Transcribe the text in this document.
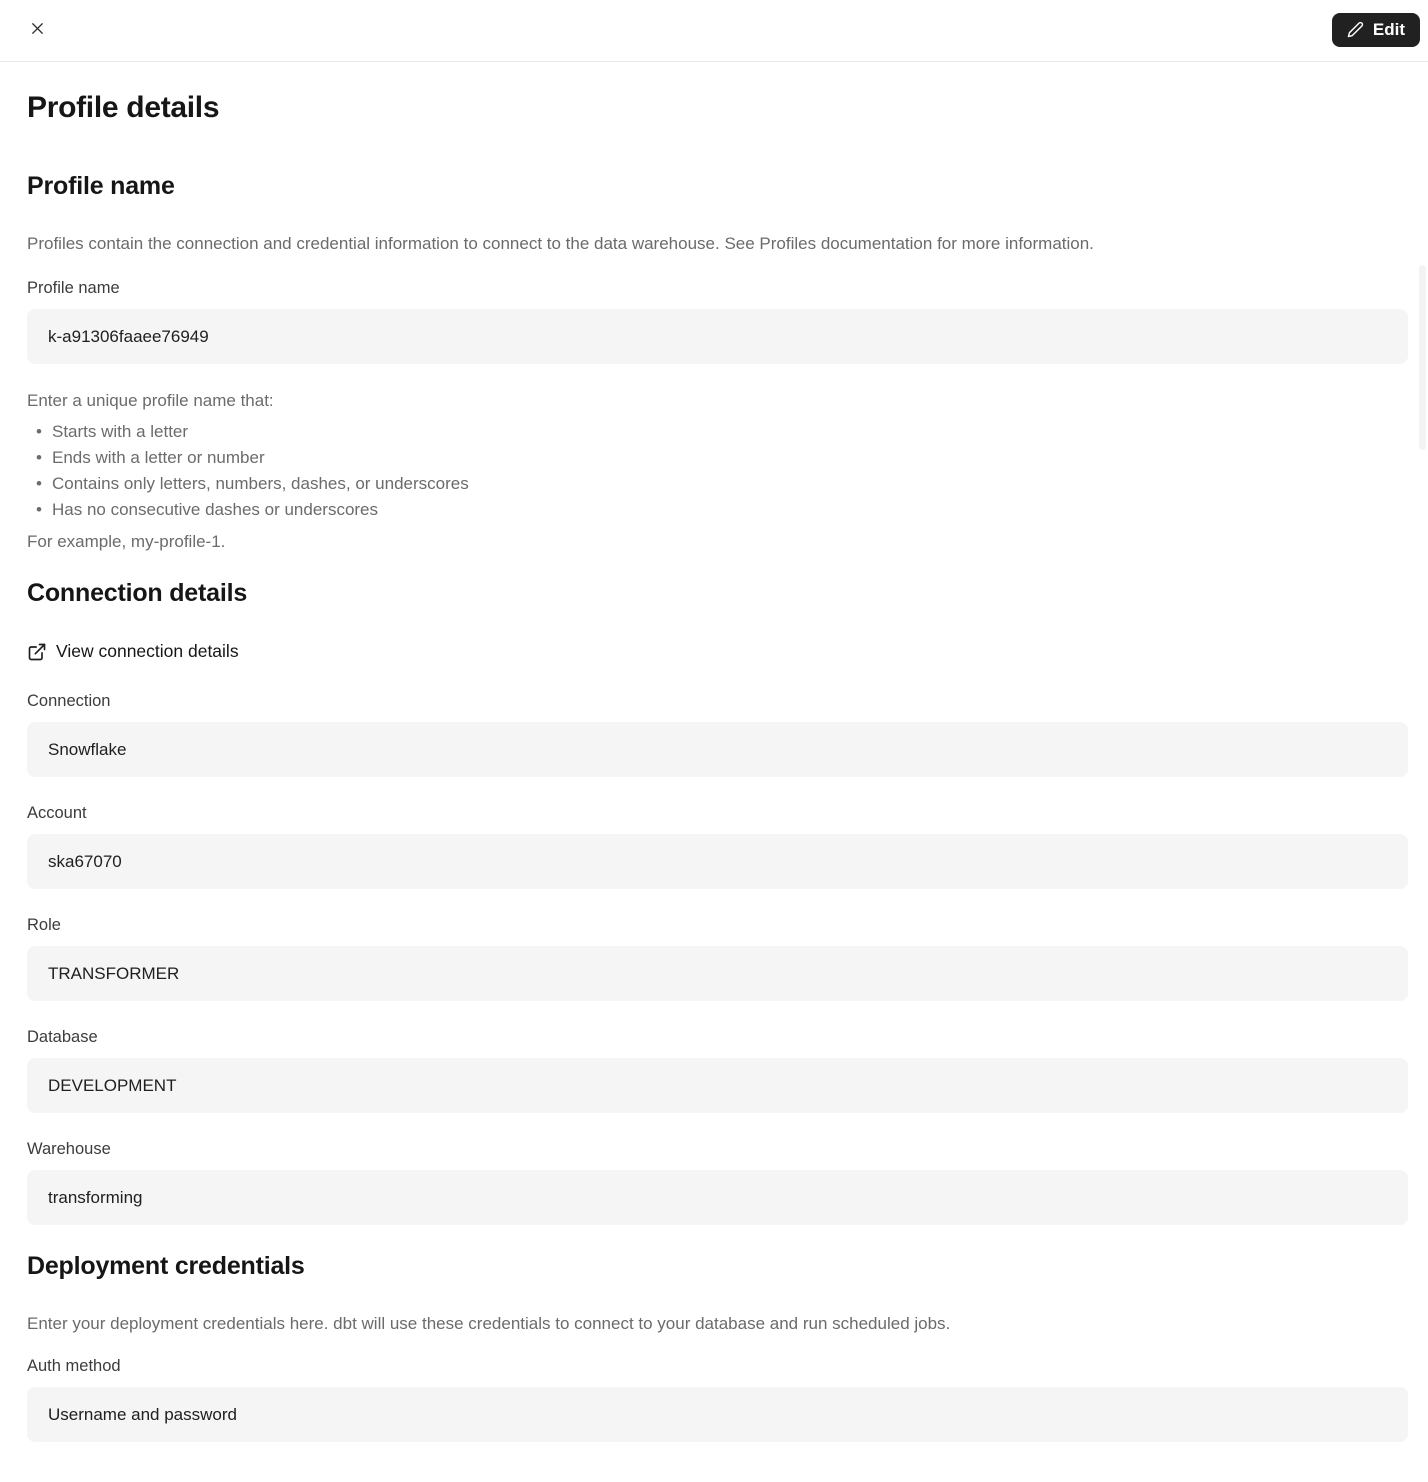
Edit
Profile details
Profile name

Profiles contain the connection and credential information to connect to the data warehouse. See Profiles documentation for more information.

Profile name
k-a91306faaee76949

Enter a unique profile name that:

• Starts with a letter
• Ends with a letter or number
• Contains only letters, numbers, dashes, or underscores
• Has no consecutive dashes or underscores

For example, my-profile-1.

Connection details
View connection details
Connection
Snowflake
Account
ska67070
Role
TRANSFORMER
Database
DEVELOPMENT
Warehouse
transforming
Deployment credentials

Enter your deployment credentials here. dbt will use these credentials to connect to your database and run scheduled jobs.

Auth method
Username and password
